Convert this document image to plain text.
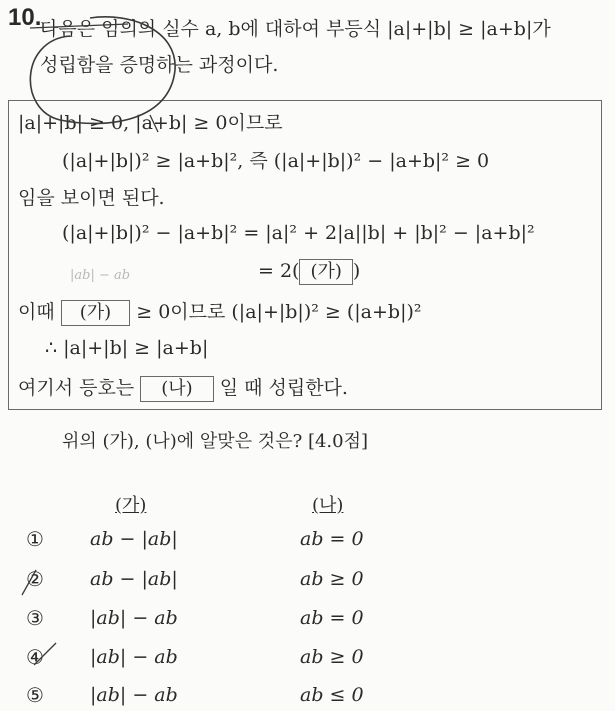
10.
다음은 임의의 실수 a, b에 대하여 부등식 |a|+|b| ≥ |a+b|가
성립함을 증명하는 과정이다.
|a|+|b| ≥ 0, |a+b| ≥ 0이므로
(|a|+|b|)² ≥ |a+b|², 즉 (|a|+|b|)² − |a+b|² ≥ 0
임을 보이면 된다.
(|a|+|b|)² − |a+b|² = |a|² + 2|a||b| + |b|² − |a+b|²
|ab| − ab	= 2( (가) )
이때 (가) ≥ 0이므로 (|a|+|b|)² ≥ (|a+b|)²
∴ |a|+|b| ≥ |a+b|
여기서 등호는 (나) 일 때 성립한다.
위의 (가), (나)에 알맞은 것은? [4.0점]
(가)	(나)
① ab − |ab|	ab = 0
② ab − |ab|	ab ≥ 0
③ |ab| − ab	ab = 0
④ |ab| − ab	ab ≥ 0
⑤ |ab| − ab	ab ≤ 0
